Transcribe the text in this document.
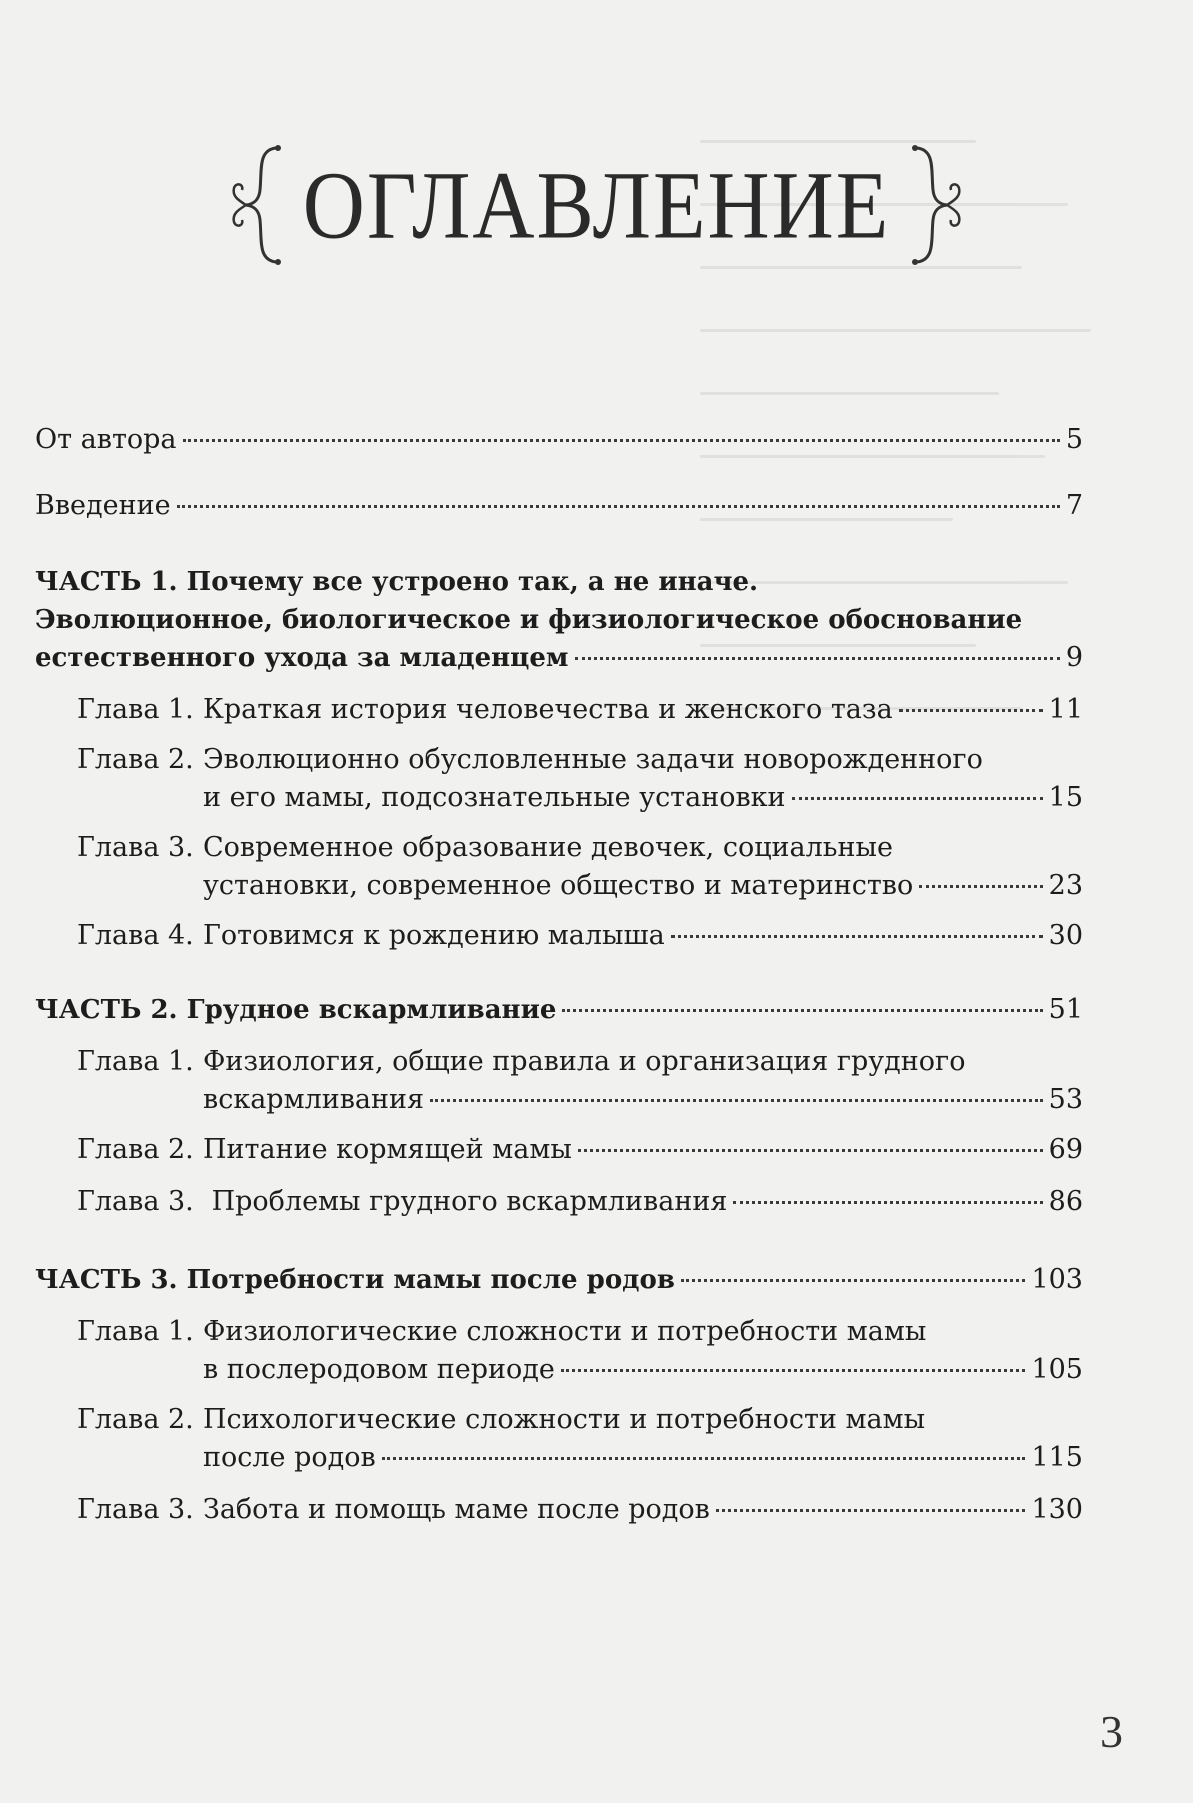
ОГЛАВЛЕНИЕ
От автора	5
Введение	7
ЧАСТЬ 1. Почему все устроено так, а не иначе.
Эволюционное, биологическое и физиологическое обоснование
естественного ухода за младенцем	9
Глава 1. Краткая история человечества и женского таза	11
Глава 2. Эволюционно обусловленные задачи новорожденного
и его мамы, подсознательные установки	15
Глава 3. Современное образование девочек, социальные
установки, современное общество и материнство	23
Глава 4. Готовимся к рождению малыша	30
ЧАСТЬ 2. Грудное вскармливание	51
Глава 1. Физиология, общие правила и организация грудного
вскармливания	53
Глава 2. Питание кормящей мамы	69
Глава 3. Проблемы грудного вскармливания	86
ЧАСТЬ 3. Потребности мамы после родов	103
Глава 1. Физиологические сложности и потребности мамы
в послеродовом периоде	105
Глава 2. Психологические сложности и потребности мамы
после родов	115
Глава 3. Забота и помощь маме после родов	130
3
